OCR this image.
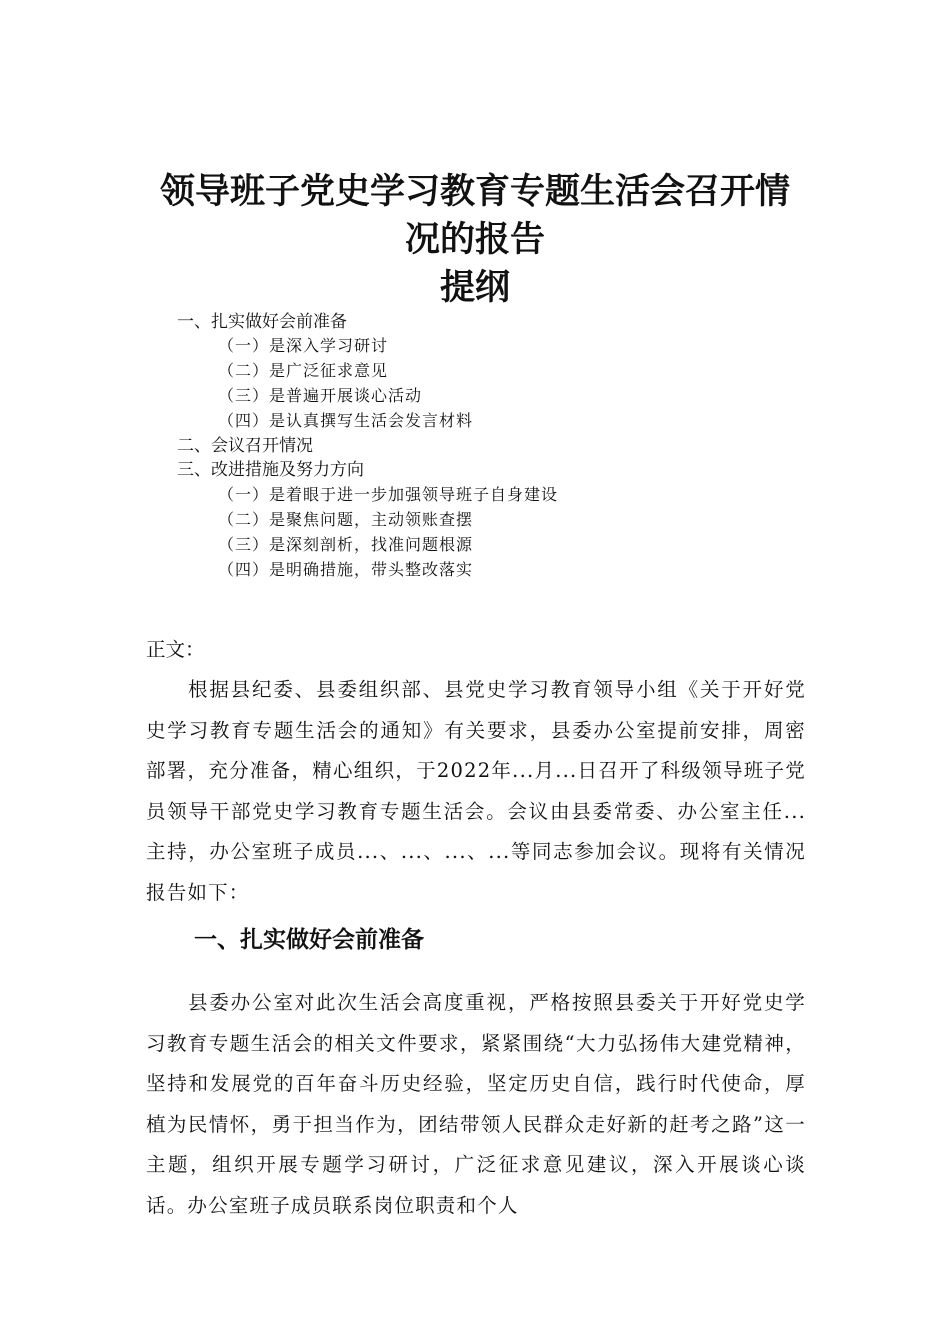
领导班子党史学习教育专题生活会召开情
况的报告
提纲
一、扎实做好会前准备
（一）是深入学习研讨
（二）是广泛征求意见
（三）是普遍开展谈心活动
（四）是认真撰写生活会发言材料
二、会议召开情况
三、改进措施及努力方向
（一）是着眼于进一步加强领导班子自身建设
（二）是聚焦问题，主动领账查摆
（三）是深刻剖析，找准问题根源
（四）是明确措施，带头整改落实
正文：

根据县纪委、县委组织部、县党史学习教育领导小组《关于开好党史学习教育专题生活会的通知》有关要求，县委办公室提前安排，周密部署，充分准备，精心组织，于2022年...月...日召开了科级领导班子党员领导干部党史学习教育专题生活会。会议由县委常委、办公室主任...主持，办公室班子成员...、...、...、...等同志参加会议。现将有关情况报告如下：

一、扎实做好会前准备

县委办公室对此次生活会高度重视，严格按照县委关于开好党史学习教育专题生活会的相关文件要求，紧紧围绕“大力弘扬伟大建党精神，坚持和发展党的百年奋斗历史经验，坚定历史自信，践行时代使命，厚植为民情怀，勇于担当作为，团结带领人民群众走好新的赶考之路”这一主题，组织开展专题学习研讨，广泛征求意见建议，深入开展谈心谈话。办公室班子成员联系岗位职责和个人
